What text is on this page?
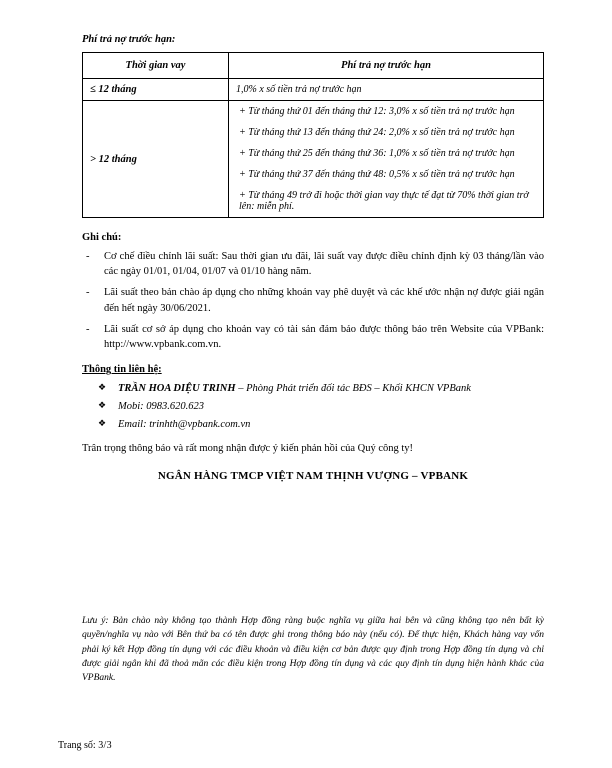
Phí trả nợ trước hạn:
Thời gian vay	Phí trả nợ trước hạn
≤ 12 tháng	1,0% x số tiền trả nợ trước hạn
> 12 tháng	+ Từ tháng thứ 01 đến tháng thứ 12: 3,0% x số tiền trả nợ trước hạn
+ Từ tháng thứ 13 đến tháng thứ 24: 2,0% x số tiền trả nợ trước hạn
+ Từ tháng thứ 25 đến tháng thứ 36: 1,0% x số tiền trả nợ trước hạn
+ Từ tháng thứ 37 đến tháng thứ 48: 0,5% x số tiền trả nợ trước hạn
+ Từ tháng 49 trở đi hoặc thời gian vay thực tế đạt từ 70% thời gian trở lên: miễn phí.
Ghi chú:
- Cơ chế điều chỉnh lãi suất: Sau thời gian ưu đãi, lãi suất vay được điều chỉnh định kỳ 03 tháng/lần vào các ngày 01/01, 01/04, 01/07 và 01/10 hàng năm.
- Lãi suất theo bản chào áp dụng cho những khoản vay phê duyệt và các khế ước nhận nợ được giải ngân đến hết ngày 30/06/2021.
- Lãi suất cơ sở áp dụng cho khoản vay có tài sản đảm bảo được thông báo trên Website của VPBank: http://www.vpbank.com.vn.
Thông tin liên hệ:
❖ TRẦN HOA DIỆU TRINH – Phòng Phát triển đối tác BĐS – Khối KHCN VPBank
❖ Mobi: 0983.620.623
❖ Email: trinhth@vpbank.com.vn

Trân trọng thông báo và rất mong nhận được ý kiến phản hồi của Quý công ty!

NGÂN HÀNG TMCP VIỆT NAM THỊNH VƯỢNG – VPBANK

Lưu ý: Bản chào này không tạo thành Hợp đồng ràng buộc nghĩa vụ giữa hai bên và cũng không tạo nên bất kỳ quyền/nghĩa vụ nào với Bên thứ ba có tên được ghi trong thông báo này (nếu có). Để thực hiện, Khách hàng vay vốn phải ký kết Hợp đồng tín dụng với các điều khoản và điều kiện cơ bản được quy định trong Hợp đồng tín dụng và chỉ được giải ngân khi đã thoả mãn các điều kiện trong Hợp đồng tín dụng và các quy định tín dụng hiện hành khác của VPBank.
Trang số: 3/3
